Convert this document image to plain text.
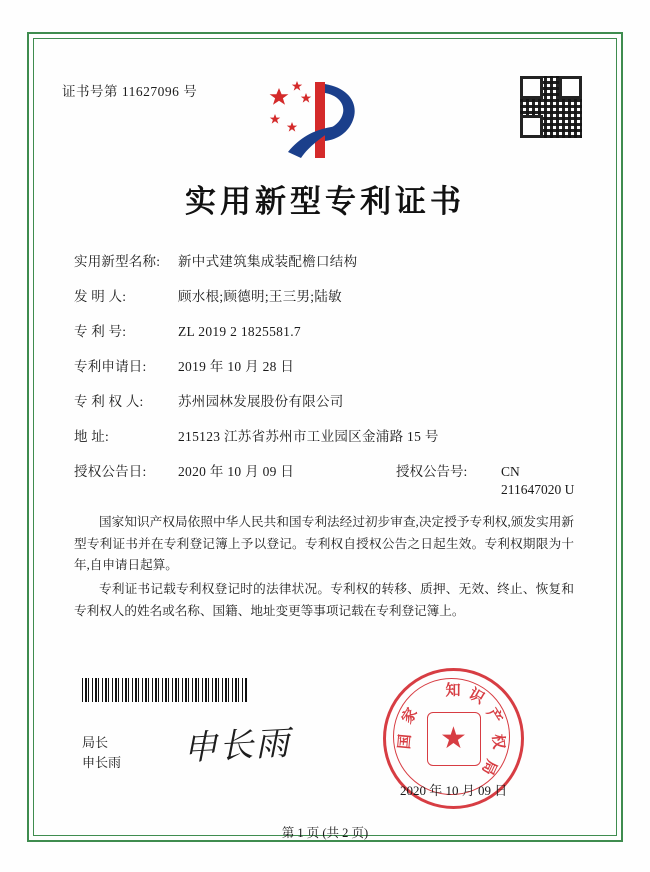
证书号第 11627096 号
实用新型专利证书
实用新型名称:	新中式建筑集成装配檐口结构
发 明 人:	顾水根;顾德明;王三男;陆敏
专 利 号:	ZL 2019 2 1825581.7
专利申请日:	2019 年 10 月 28 日
专 利 权 人:	苏州园林发展股份有限公司
地 址:	215123 江苏省苏州市工业园区金浦路 15 号
授权公告日:	2020 年 10 月 09 日	授权公告号:	CN 211647020 U

国家知识产权局依照中华人民共和国专利法经过初步审查,决定授予专利权,颁发实用新型专利证书并在专利登记簿上予以登记。专利权自授权公告之日起生效。专利权期限为十年,自申请日起算。

专利证书记载专利权登记时的法律状况。专利权的转移、质押、无效、终止、恢复和专利权人的姓名或名称、国籍、地址变更等事项记载在专利登记簿上。

局长
申长雨 申长雨	★
知 识
产
权
局
家
国
2020 年 10 月 09 日
第 1 页 (共 2 页)
